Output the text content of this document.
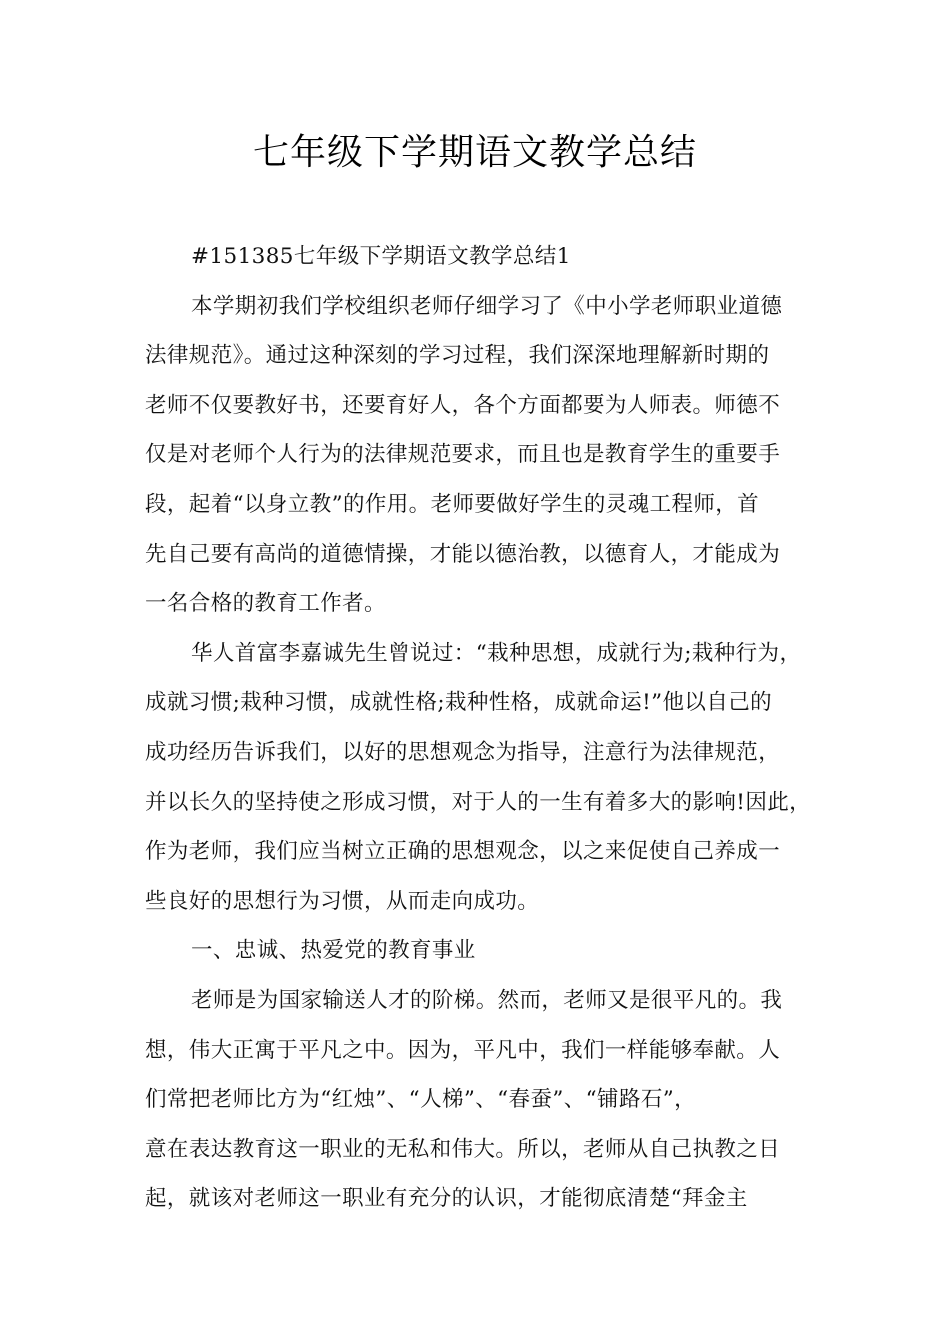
七年级下学期语文教学总结
#151385七年级下学期语文教学总结1
本学期初我们学校组织老师仔细学习了《中小学老师职业道德
法律规范》。通过这种深刻的学习过程，我们深深地理解新时期的
老师不仅要教好书，还要育好人，各个方面都要为人师表。师德不
仅是对老师个人行为的法律规范要求，而且也是教育学生的重要手
段，起着“以身立教”的作用。老师要做好学生的灵魂工程师，首
先自己要有高尚的道德情操，才能以德治教，以德育人，才能成为
一名合格的教育工作者。
华人首富李嘉诚先生曾说过：“栽种思想，成就行为;栽种行为，
成就习惯;栽种习惯，成就性格;栽种性格，成就命运!”他以自己的
成功经历告诉我们，以好的思想观念为指导，注意行为法律规范，
并以长久的坚持使之形成习惯，对于人的一生有着多大的影响!因此，
作为老师，我们应当树立正确的思想观念，以之来促使自己养成一
些良好的思想行为习惯，从而走向成功。
一、忠诚、热爱党的教育事业
老师是为国家输送人才的阶梯。然而，老师又是很平凡的。我
想，伟大正寓于平凡之中。因为，平凡中，我们一样能够奉献。人
们常把老师比方为“红烛”、“人梯”、“春蚕”、“铺路石”，
意在表达教育这一职业的无私和伟大。所以，老师从自己执教之日
起，就该对老师这一职业有充分的认识，才能彻底清楚“拜金主
